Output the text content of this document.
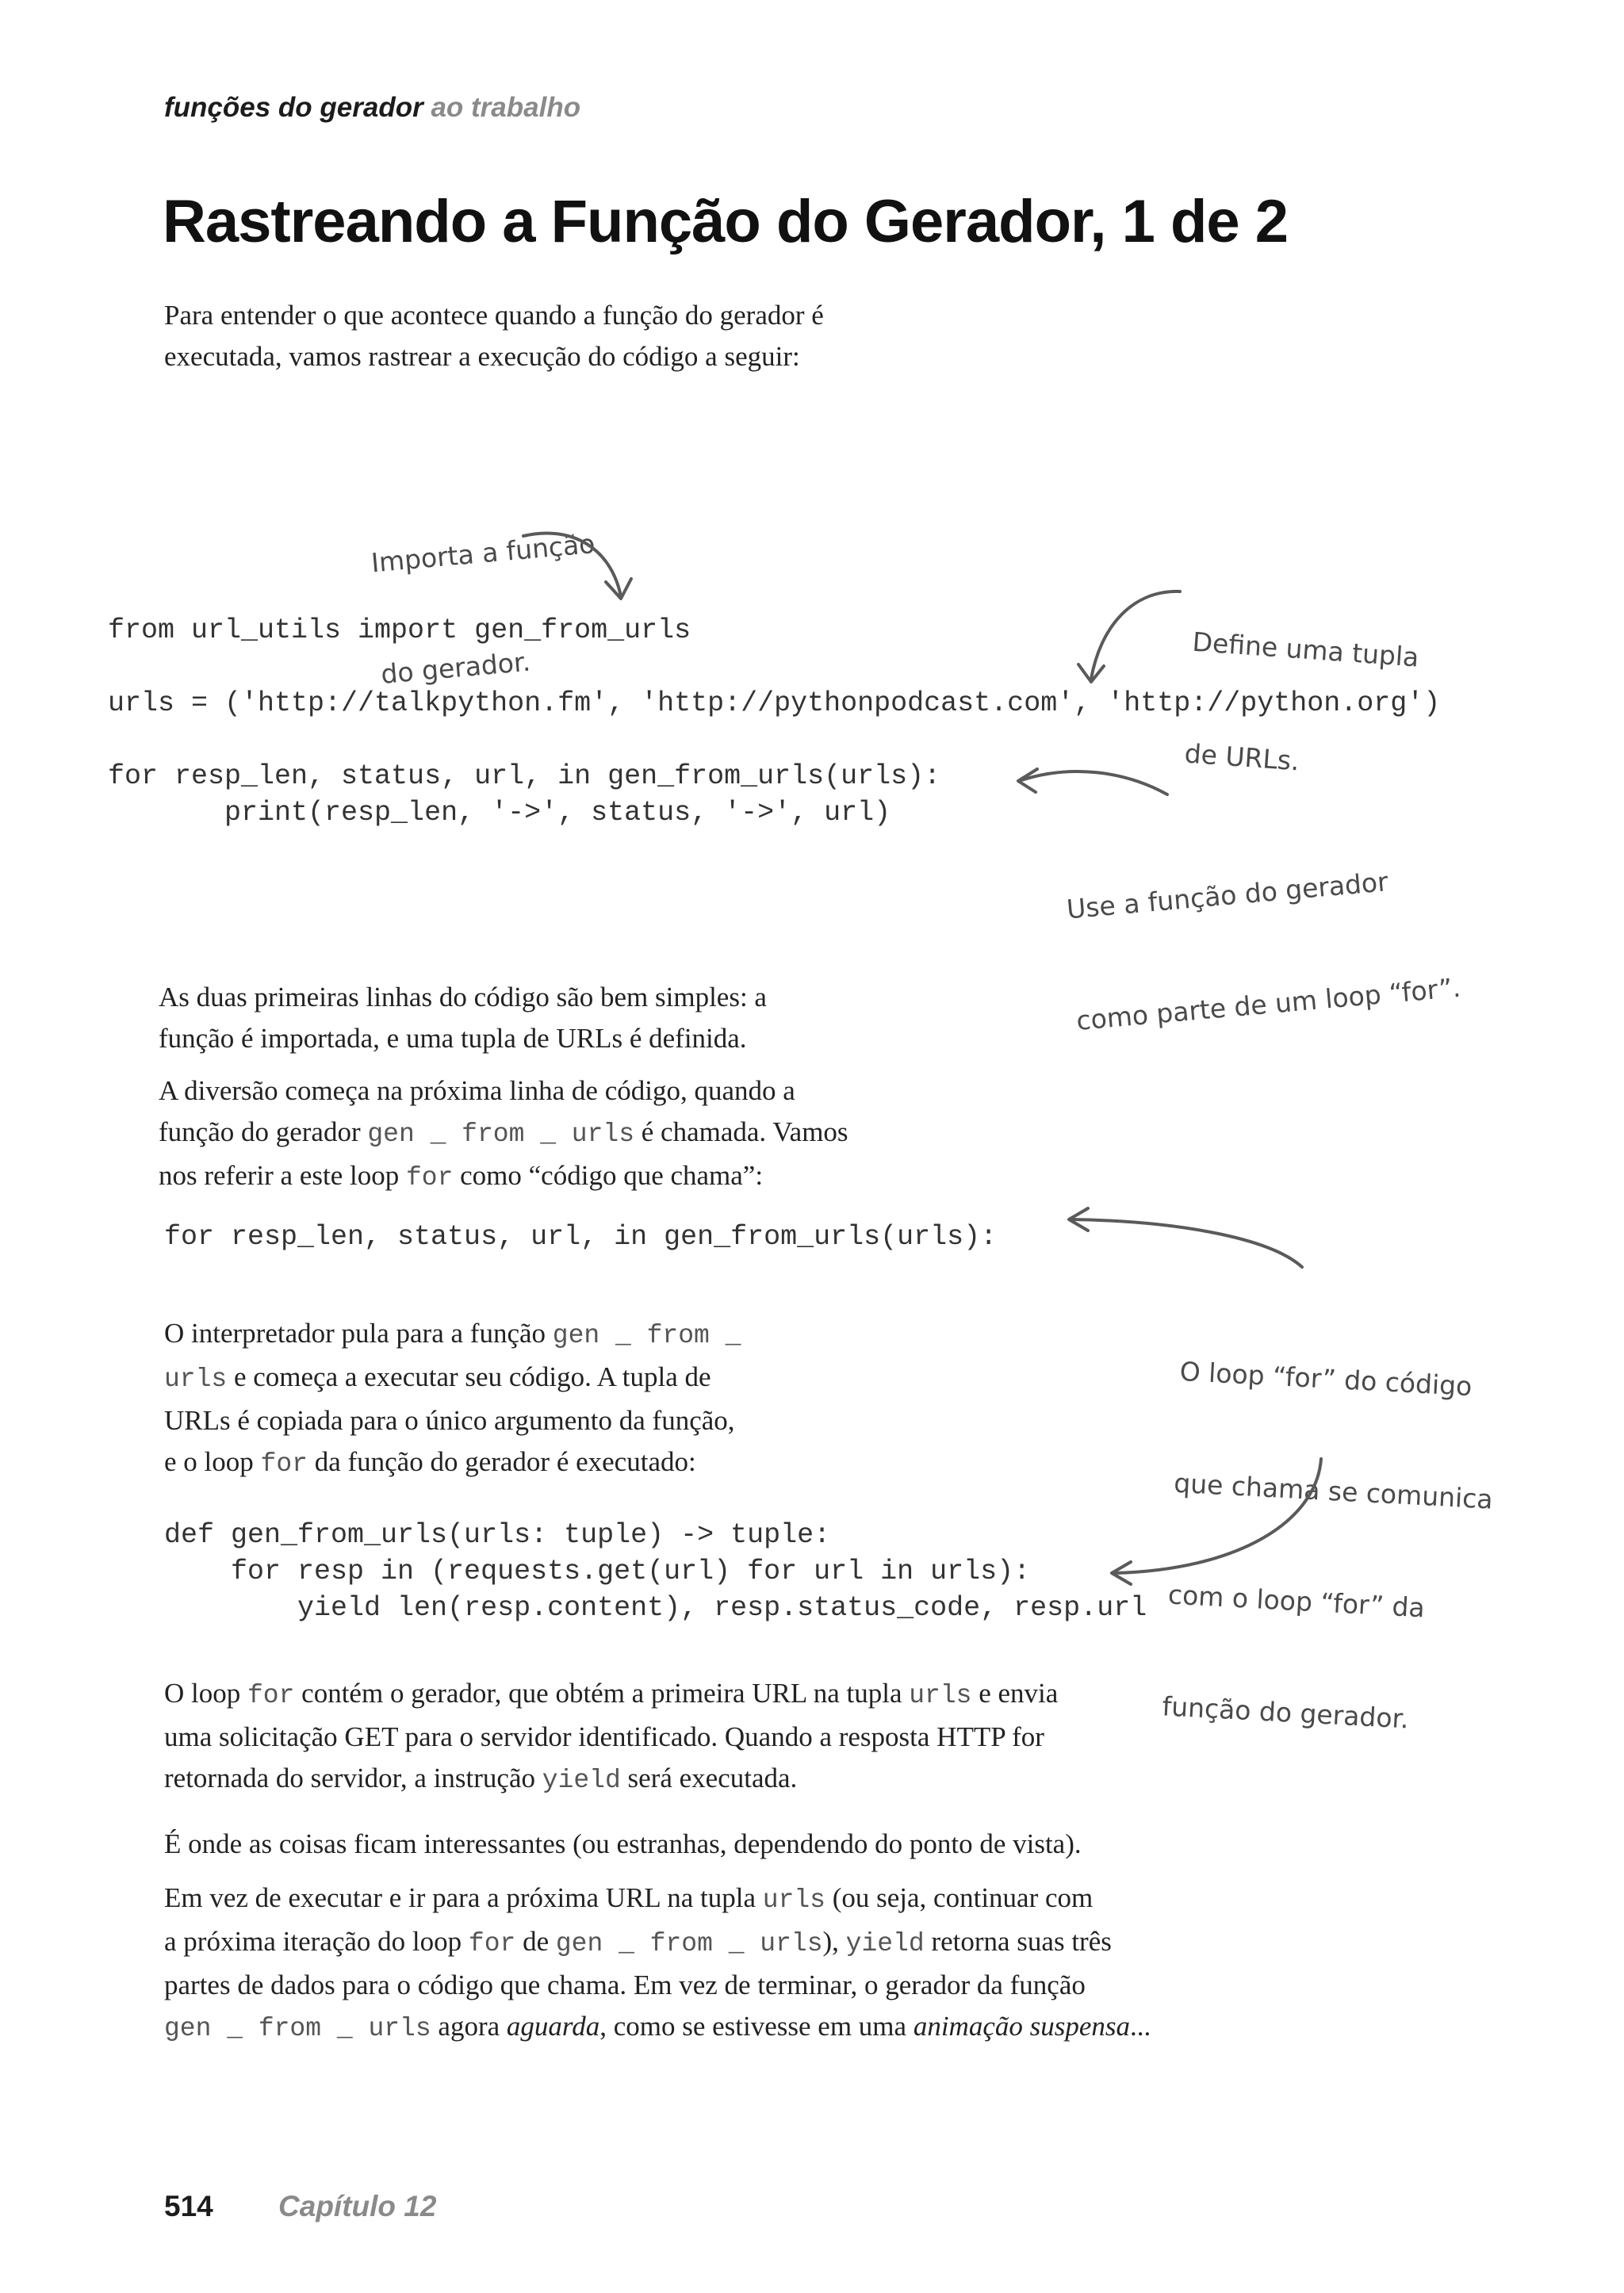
funções do gerador ao trabalho
Rastreando a Função do Gerador, 1 de 2

Para entender o que acontece quando a função do gerador é

executada, vamos rastrear a execução do código a seguir:

Importa a função

do gerador.

	Define uma tupla

de URLs.

from url_utils import gen_from_urls
urls = ('http://talkpython.fm', 'http://pythonpodcast.com', 'http://python.org')
for resp_len, status, url, in gen_from_urls(urls):
print(resp_len, '->', status, '->', url)

Use a função do gerador

como parte de um loop “for”.

As duas primeiras linhas do código são bem simples: a

função é importada, e uma tupla de URLs é definida.

A diversão começa na próxima linha de código, quando a

função do gerador gen _ from _ urls é chamada. Vamos

nos referir a este loop for como “código que chama”:

for resp_len, status, url, in gen_from_urls(urls):

O loop “for” do código

que chama se comunica

com o loop “for” da

função do gerador.

O interpretador pula para a função gen _ from _

urls e começa a executar seu código. A tupla de

URLs é copiada para o único argumento da função,

e o loop for da função do gerador é executado:

def gen_from_urls(urls: tuple) -> tuple:
for resp in (requests.get(url) for url in urls):
yield len(resp.content), resp.status_code, resp.url

O loop for contém o gerador, que obtém a primeira URL na tupla urls e envia

uma solicitação GET para o servidor identificado. Quando a resposta HTTP for

retornada do servidor, a instrução yield será executada.

É onde as coisas ficam interessantes (ou estranhas, dependendo do ponto de vista).

Em vez de executar e ir para a próxima URL na tupla urls (ou seja, continuar com

a próxima iteração do loop for de gen _ from _ urls), yield retorna suas três

partes de dados para o código que chama. Em vez de terminar, o gerador da função

gen _ from _ urls agora aguarda, como se estivesse em uma animação suspensa...

514 Capítulo 12
